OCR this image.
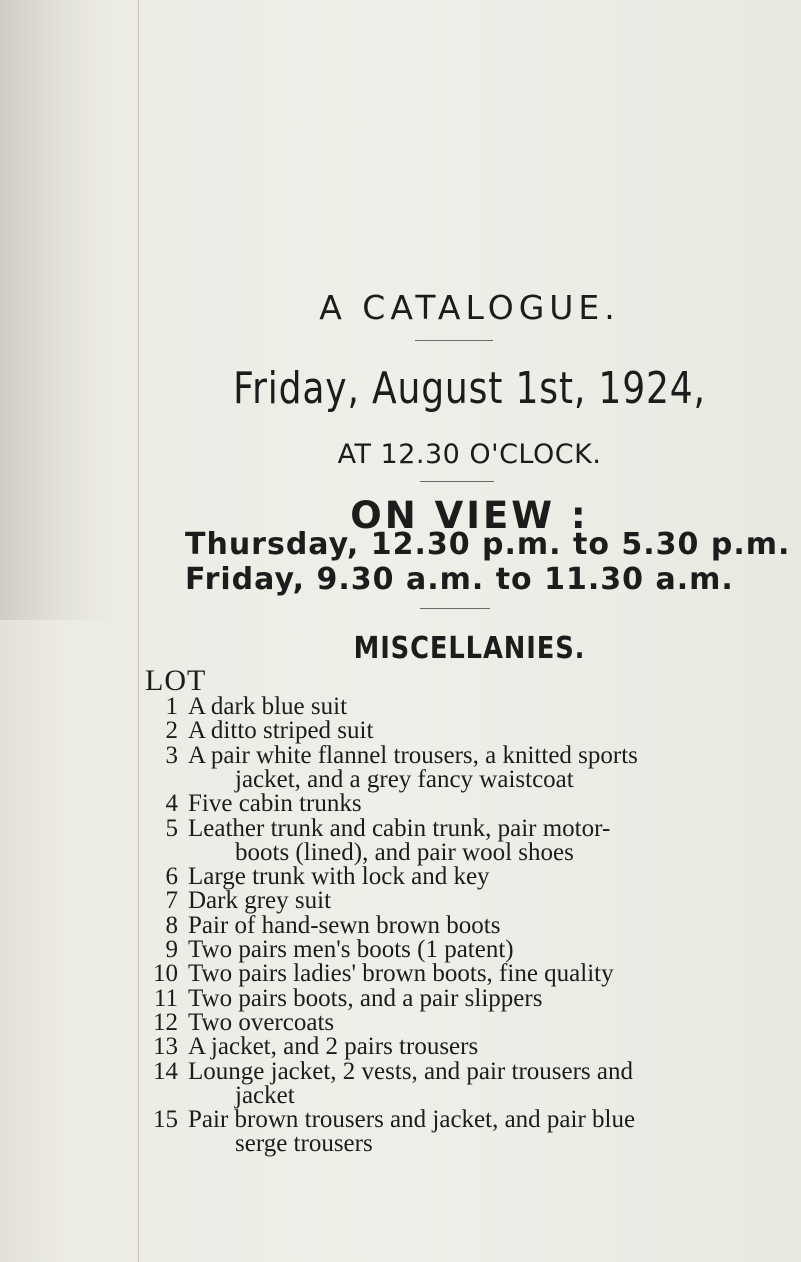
A CATALOGUE.
Friday, August 1st, 1924,
AT 12.30 O'CLOCK.
ON VIEW :
Thursday, 12.30 p.m. to 5.30 p.m.
Friday, 9.30 a.m. to 11.30 a.m.
MISCELLANIES.
LOT
1 A dark blue suit
2 A ditto striped suit
3 A pair white flannel trousers, a knitted sports
jacket, and a grey fancy waistcoat
4 Five cabin trunks
5 Leather trunk and cabin trunk, pair motor-
boots (lined), and pair wool shoes
6 Large trunk with lock and key
7 Dark grey suit
8 Pair of hand-sewn brown boots
9 Two pairs men's boots (1 patent)
10 Two pairs ladies' brown boots, fine quality
11 Two pairs boots, and a pair slippers
12 Two overcoats
13 A jacket, and 2 pairs trousers
14 Lounge jacket, 2 vests, and pair trousers and
jacket
15 Pair brown trousers and jacket, and pair blue
serge trousers
